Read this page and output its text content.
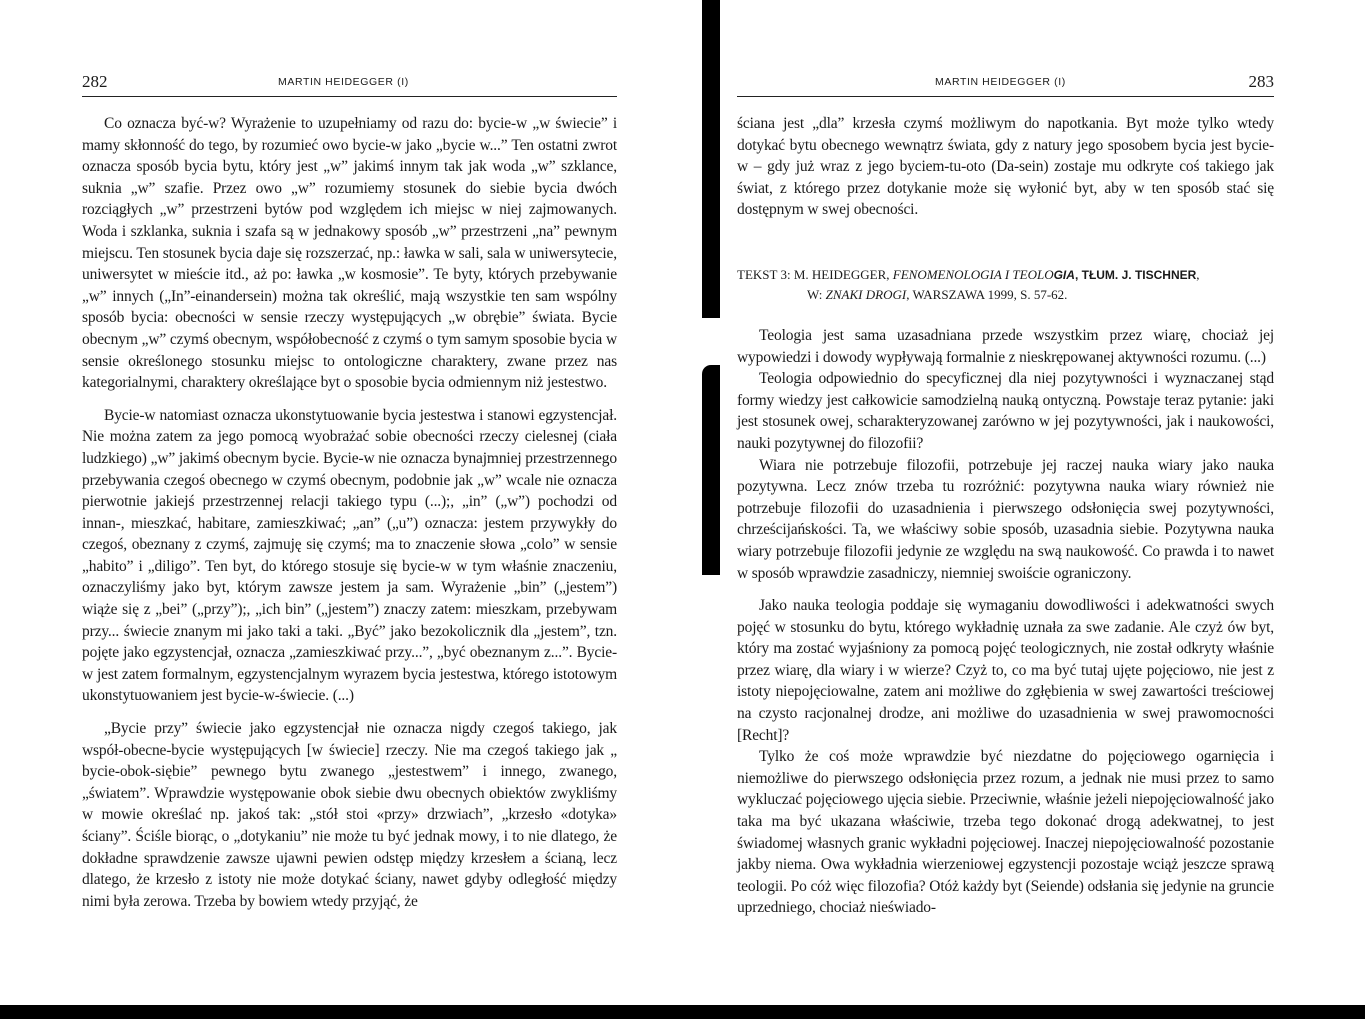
282	MARTIN HEIDEGGER (I)

Co oznacza być-w? Wyrażenie to uzupełniamy od razu do: bycie-w „w świecie” i mamy skłonność do tego, by rozumieć owo bycie-w jako „bycie w...” Ten ostatni zwrot oznacza sposób bycia bytu, który jest „w” jakimś innym tak jak woda „w” szklance, suknia „w” szafie. Przez owo „w” rozumiemy stosunek do siebie bycia dwóch rozciągłych „w” przestrzeni bytów pod względem ich miejsc w niej zajmowanych. Woda i szklanka, suknia i szafa są w jednakowy sposób „w” przestrzeni „na” pewnym miejscu. Ten stosunek bycia daje się rozszerzać, np.: ławka w sali, sala w uniwersytecie, uniwersytet w mieście itd., aż po: ławka „w kosmosie”. Te byty, których przebywanie „w” innych („In”-einandersein) można tak określić, mają wszystkie ten sam wspólny sposób bycia: obecności w sensie rzeczy występujących „w obrębie” świata. Bycie obecnym „w” czymś obecnym, współobecność z czymś o tym samym sposobie bycia w sensie określonego stosunku miejsc to ontologiczne charaktery, zwane przez nas kategorialnymi, charaktery określające byt o sposobie bycia odmiennym niż jestestwo.

Bycie-w natomiast oznacza ukonstytuowanie bycia jestestwa i stanowi egzystencjał. Nie można zatem za jego pomocą wyobrażać sobie obecności rzeczy cielesnej (ciała ludzkiego) „w” jakimś obecnym bycie. Bycie-w nie oznacza bynajmniej przestrzennego przebywania czegoś obecnego w czymś obecnym, podobnie jak „w” wcale nie oznacza pierwotnie jakiejś przestrzennej relacji takiego typu (...);, „in” („w”) pochodzi od innan-, mieszkać, habitare, zamieszkiwać; „an” („u”) oznacza: jestem przywykły do czegoś, obeznany z czymś, zajmuję się czymś; ma to znaczenie słowa „colo” w sensie „habito” i „diligo”. Ten byt, do którego stosuje się bycie-w w tym właśnie znaczeniu, oznaczyliśmy jako byt, którym zawsze jestem ja sam. Wyrażenie „bin” („jestem”) wiąże się z „bei” („przy”);, „ich bin” („jestem”) znaczy zatem: mieszkam, przebywam przy... świecie znanym mi jako taki a taki. „Być” jako bezokolicznik dla „jestem”, tzn. pojęte jako egzystencjał, oznacza „zamieszkiwać przy...”, „być obeznanym z...”. Bycie-w jest zatem formalnym, egzystencjalnym wyrazem bycia jestestwa, którego istotowym ukonstytuowaniem jest bycie-w-świecie. (...)

„Bycie przy” świecie jako egzystencjał nie oznacza nigdy czegoś takiego, jak współ-obecne-bycie występujących [w świecie] rzeczy. Nie ma czegoś takiego jak „ bycie-obok-siębie” pewnego bytu zwanego „jestestwem” i innego, zwanego, „światem”. Wprawdzie występowanie obok siebie dwu obecnych obiektów zwykliśmy w mowie określać np. jakoś tak: „stół stoi «przy» drzwiach”, „krzesło «dotyka» ściany”. Ściśle biorąc, o „dotykaniu” nie może tu być jednak mowy, i to nie dlatego, że dokładne sprawdzenie zawsze ujawni pewien odstęp między krzesłem a ścianą, lecz dlatego, że krzesło z istoty nie może dotykać ściany, nawet gdyby odległość między nimi była zerowa. Trzeba by bowiem wtedy przyjąć, że

MARTIN HEIDEGGER (I)	283

ściana jest „dla” krzesła czymś możliwym do napotkania. Byt może tylko wtedy dotykać bytu obecnego wewnątrz świata, gdy z natury jego sposobem bycia jest bycie-w – gdy już wraz z jego byciem-tu-oto (Da-sein) zostaje mu odkryte coś takiego jak świat, z którego przez dotykanie może się wyłonić byt, aby w ten sposób stać się dostępnym w swej obecności.

TEKST 3: M. HEIDEGGER, FENOMENOLOGIA I TEOLOGIA, TŁUM. J. TISCHNER,
W: ZNAKI DROGI, WARSZAWA 1999, S. 57-62.

Teologia jest sama uzasadniana przede wszystkim przez wiarę, chociaż jej wypowiedzi i dowody wypływają formalnie z nieskrępowanej aktywności rozumu. (...)

Teologia odpowiednio do specyficznej dla niej pozytywności i wyznaczanej stąd formy wiedzy jest całkowicie samodzielną nauką ontyczną. Powstaje teraz pytanie: jaki jest stosunek owej, scharakteryzowanej zarówno w jej pozytywności, jak i naukowości, nauki pozytywnej do filozofii?

Wiara nie potrzebuje filozofii, potrzebuje jej raczej nauka wiary jako nauka pozytywna. Lecz znów trzeba tu rozróżnić: pozytywna nauka wiary również nie potrzebuje filozofii do uzasadnienia i pierwszego odsłonięcia swej pozytywności, chrześcijańskości. Ta, we właściwy sobie sposób, uzasadnia siebie. Pozytywna nauka wiary potrzebuje filozofii jedynie ze względu na swą naukowość. Co prawda i to nawet w sposób wprawdzie zasadniczy, niemniej swoiście ograniczony.

Jako nauka teologia poddaje się wymaganiu dowodliwości i adekwatności swych pojęć w stosunku do bytu, którego wykładnię uznała za swe zadanie. Ale czyż ów byt, który ma zostać wyjaśniony za pomocą pojęć teologicznych, nie został odkryty właśnie przez wiarę, dla wiary i w wierze? Czyż to, co ma być tutaj ujęte pojęciowo, nie jest z istoty niepojęciowalne, zatem ani możliwe do zgłębienia w swej zawartości treściowej na czysto racjonalnej drodze, ani możliwe do uzasadnienia w swej prawomocności [Recht]?

Tylko że coś może wprawdzie być niezdatne do pojęciowego ogarnięcia i niemożliwe do pierwszego odsłonięcia przez rozum, a jednak nie musi przez to samo wykluczać pojęciowego ujęcia siebie. Przeciwnie, właśnie jeżeli niepojęciowalność jako taka ma być ukazana właściwie, trzeba tego dokonać drogą adekwatnej, to jest świadomej własnych granic wykładni pojęciowej. Inaczej niepojęciowalność pozostanie jakby niema. Owa wykładnia wierzeniowej egzystencji pozostaje wciąż jeszcze sprawą teologii. Po cóż więc filozofia? Otóż każdy byt (Seiende) odsłania się jedynie na gruncie uprzedniego, chociaż nieświado-
